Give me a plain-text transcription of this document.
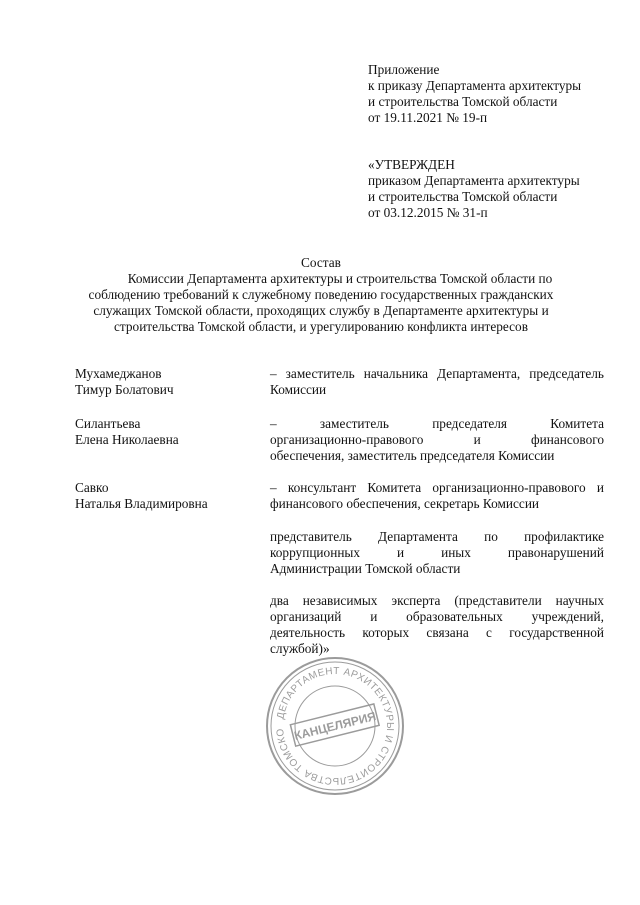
Приложение
к приказу Департамента архитектуры
и строительства Томской области
от 19.11.2021 № 19-п
«УТВЕРЖДЕН
приказом Департамента архитектуры
и строительства Томской области
от 03.12.2015 № 31-п
Состав
Комиссии Департамента архитектуры и строительства Томской области по
соблюдению требований к служебному поведению государственных гражданских
служащих Томской области, проходящих службу в Департаменте архитектуры и
строительства Томской области, и урегулированию конфликта интересов
Мухамеджанов
Тимур Болатович
– заместитель начальника Департамента, председатель
Комиссии
Силантьева
Елена Николаевна
– заместитель председателя Комитета
организационно-правового и финансового
обеспечения, заместитель председателя Комиссии
Савко
Наталья Владимировна
– консультант Комитета организационно-правового и
финансового обеспечения, секретарь Комиссии
представитель Департамента по профилактике
коррупционных и иных правонарушений
Администрации Томской области
два независимых эксперта (представители научных
организаций и образовательных учреждений,
деятельность которых связана с государственной
службой)»
ДЕПАРТАМЕНТ АРХИТЕКТУРЫ И СТРОИТЕЛЬСТВА ТОМСКО КАНЦЕЛЯРИЯ
